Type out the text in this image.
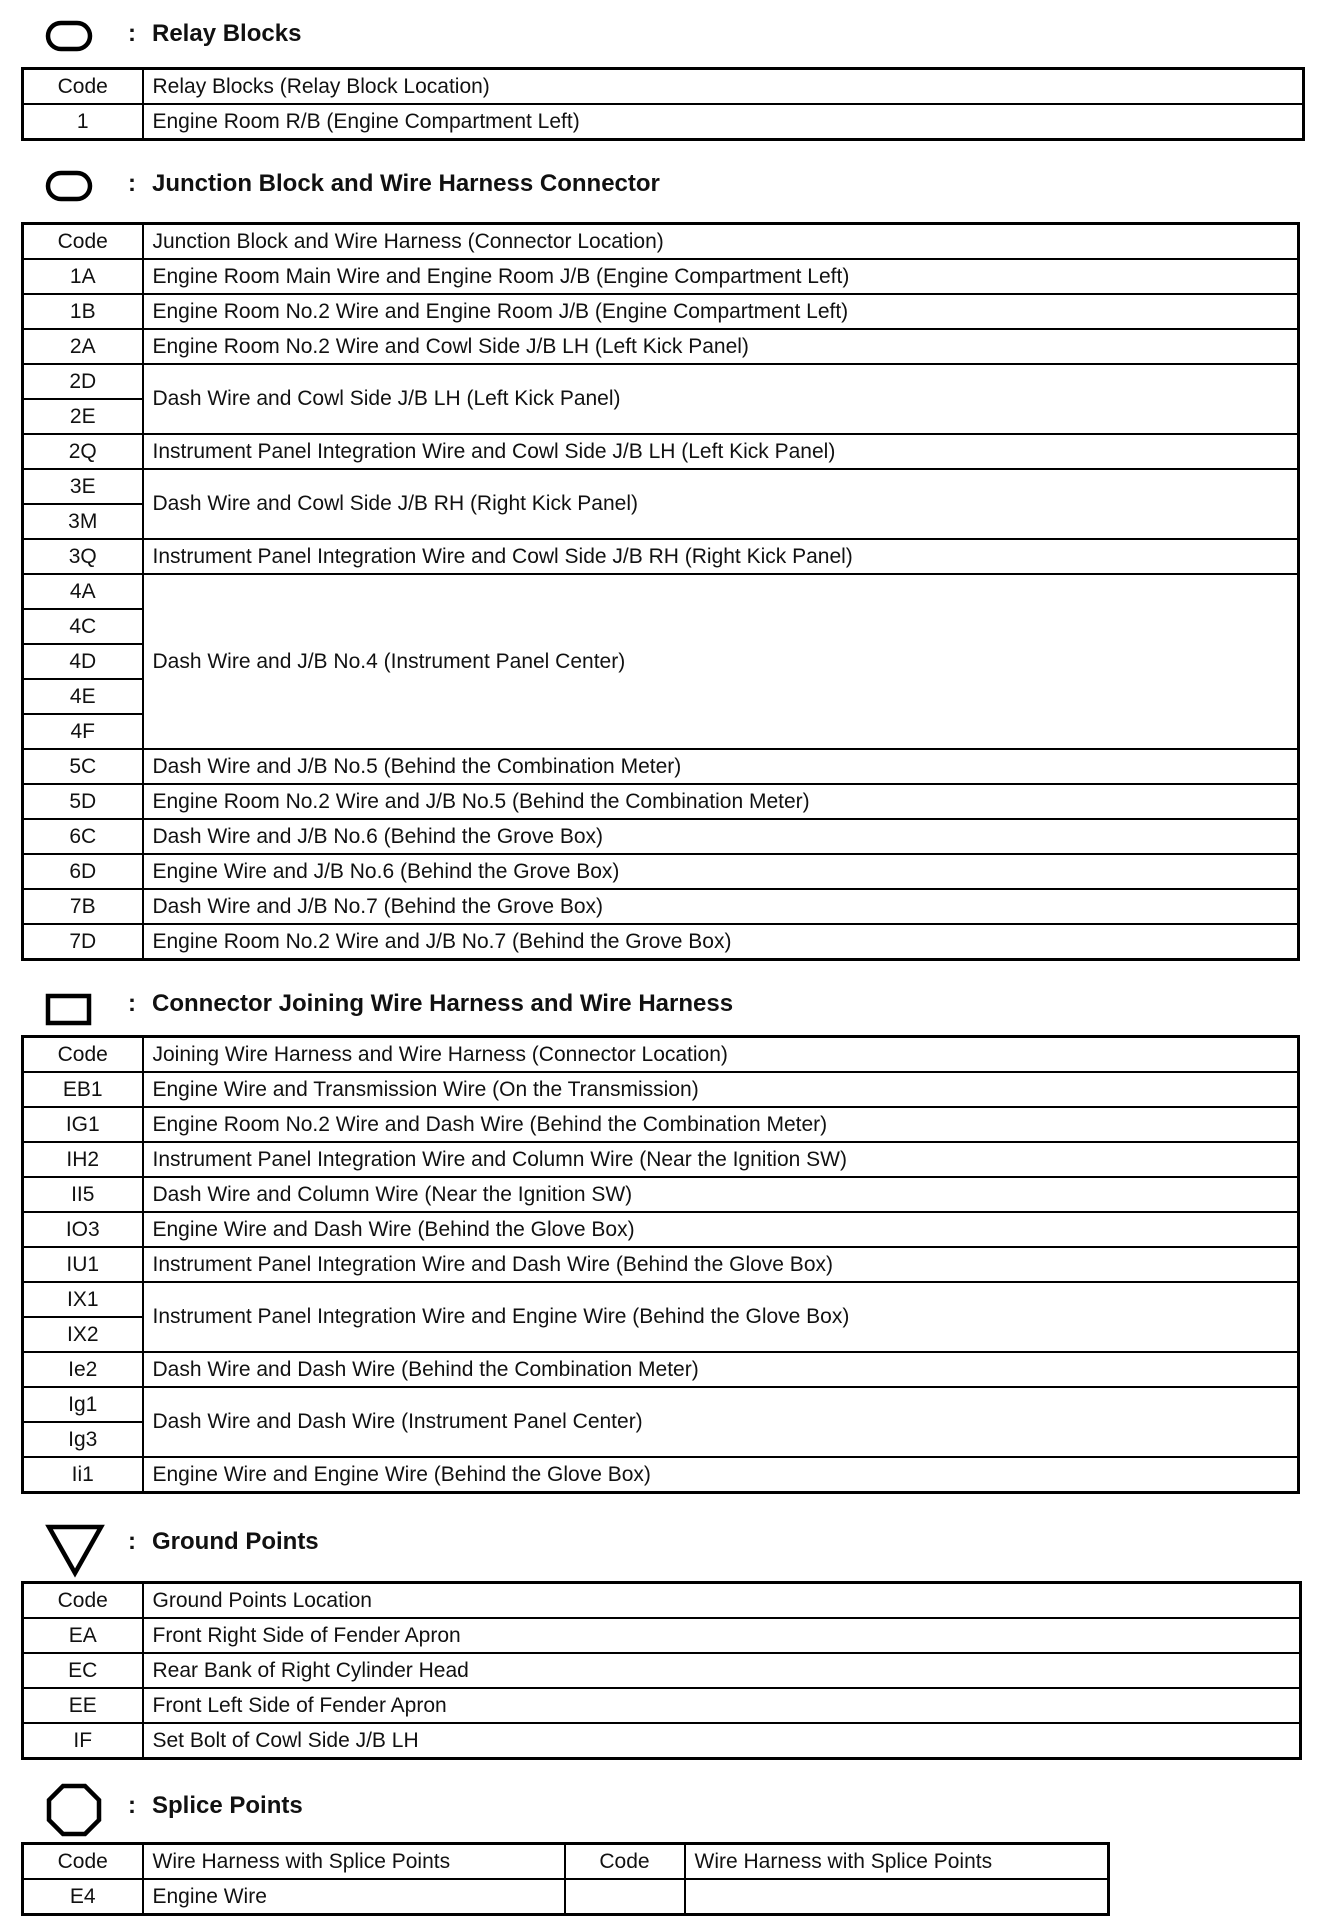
: Relay Blocks
Code	Relay Blocks (Relay Block Location)
1	Engine Room R/B (Engine Compartment Left)
: Junction Block and Wire Harness Connector
Code	Junction Block and Wire Harness (Connector Location)
1A	Engine Room Main Wire and Engine Room J/B (Engine Compartment Left)
1B	Engine Room No.2 Wire and Engine Room J/B (Engine Compartment Left)
2A	Engine Room No.2 Wire and Cowl Side J/B LH (Left Kick Panel)
2D	Dash Wire and Cowl Side J/B LH (Left Kick Panel)
2E	
2Q	Instrument Panel Integration Wire and Cowl Side J/B LH (Left Kick Panel)
3E	Dash Wire and Cowl Side J/B RH (Right Kick Panel)
3M	
3Q	Instrument Panel Integration Wire and Cowl Side J/B RH (Right Kick Panel)
4A	Dash Wire and J/B No.4 (Instrument Panel Center)
4C	
4D	
4E	
4F	
5C	Dash Wire and J/B No.5 (Behind the Combination Meter)
5D	Engine Room No.2 Wire and J/B No.5 (Behind the Combination Meter)
6C	Dash Wire and J/B No.6 (Behind the Grove Box)
6D	Engine Wire and J/B No.6 (Behind the Grove Box)
7B	Dash Wire and J/B No.7 (Behind the Grove Box)
7D	Engine Room No.2 Wire and J/B No.7 (Behind the Grove Box)
: Connector Joining Wire Harness and Wire Harness
Code	Joining Wire Harness and Wire Harness (Connector Location)
EB1	Engine Wire and Transmission Wire (On the Transmission)
IG1	Engine Room No.2 Wire and Dash Wire (Behind the Combination Meter)
IH2	Instrument Panel Integration Wire and Column Wire (Near the Ignition SW)
II5	Dash Wire and Column Wire (Near the Ignition SW)
IO3	Engine Wire and Dash Wire (Behind the Glove Box)
IU1	Instrument Panel Integration Wire and Dash Wire (Behind the Glove Box)
IX1	Instrument Panel Integration Wire and Engine Wire (Behind the Glove Box)
IX2	
Ie2	Dash Wire and Dash Wire (Behind the Combination Meter)
Ig1	Dash Wire and Dash Wire (Instrument Panel Center)
Ig3	
Ii1	Engine Wire and Engine Wire (Behind the Glove Box)
: Ground Points
Code	Ground Points Location
EA	Front Right Side of Fender Apron
EC	Rear Bank of Right Cylinder Head
EE	Front Left Side of Fender Apron
IF	Set Bolt of Cowl Side J/B LH
: Splice Points
Code	Wire Harness with Splice Points	Code	Wire Harness with Splice Points
E4	Engine Wire		
